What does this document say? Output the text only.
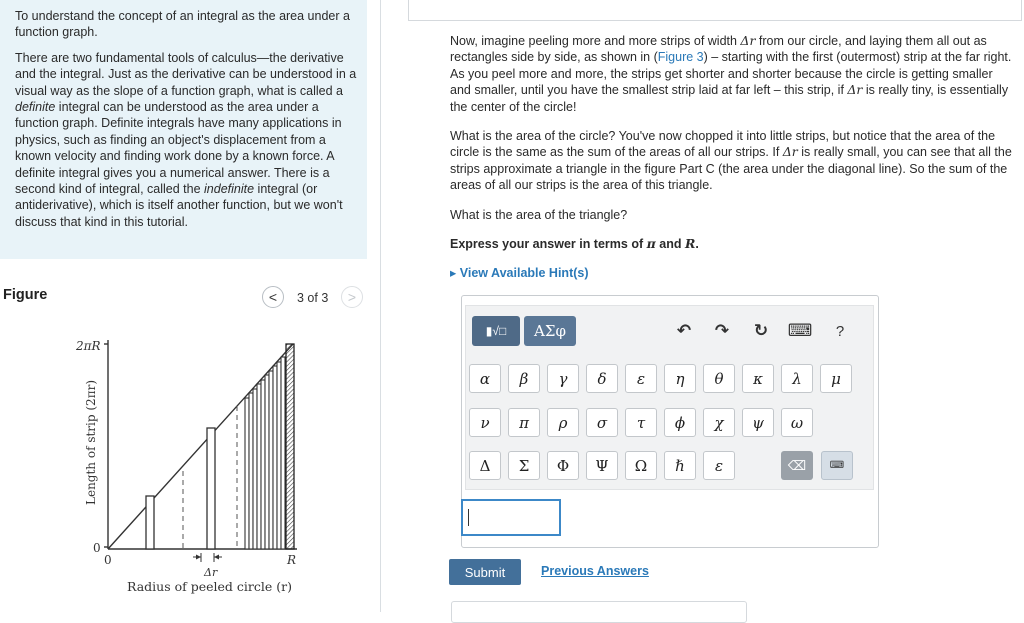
To understand the concept of an integral as the area under a function graph.

There are two fundamental tools of calculus—the derivative and the integral. Just as the derivative can be understood in a visual way as the slope of a function graph, what is called a definite integral can be understood as the area under a function graph. Definite integrals have many applications in physics, such as finding an object's displacement from a known velocity and finding work done by a known force. A definite integral gives you a numerical answer. There is a second kind of integral, called the indefinite integral (or antiderivative), which is itself another function, but we won't discuss that kind in this tutorial.

Figure	<	3 of 3	>
2πR
0
0	R
Δr
Length of strip (2πr)
Radius of peeled circle (r)

Now, imagine peeling more and more strips of width Δr from our circle, and laying them all out as rectangles side by side, as shown in (Figure 3) – starting with the first (outermost) strip at the far right. As you peel more and more, the strips get shorter and shorter because the circle is getting smaller and smaller, until you have the smallest strip laid at far left – this strip, if Δr is really tiny, is essentially the center of the circle!

What is the area of the circle? You've now chopped it into little strips, but notice that the area of the circle is the same as the sum of the areas of all our strips. If Δr is really small, you can see that all the strips approximate a triangle in the figure Part C (the area under the diagonal line). So the sum of the areas of all our strips is the area of this triangle.

What is the area of the triangle?

Express your answer in terms of π and R.

▸ View Available Hint(s)

▮√□	ΑΣφ	↶	↷	↻	⌨	?
α	β	γ	δ	ε	η	θ	κ	λ	μ
ν	π	ρ	σ	τ	ϕ	χ	ψ	ω
Δ	Σ	Φ	Ψ	Ω	ℏ	ε	⌫	⌨
Submit	Previous Answers
